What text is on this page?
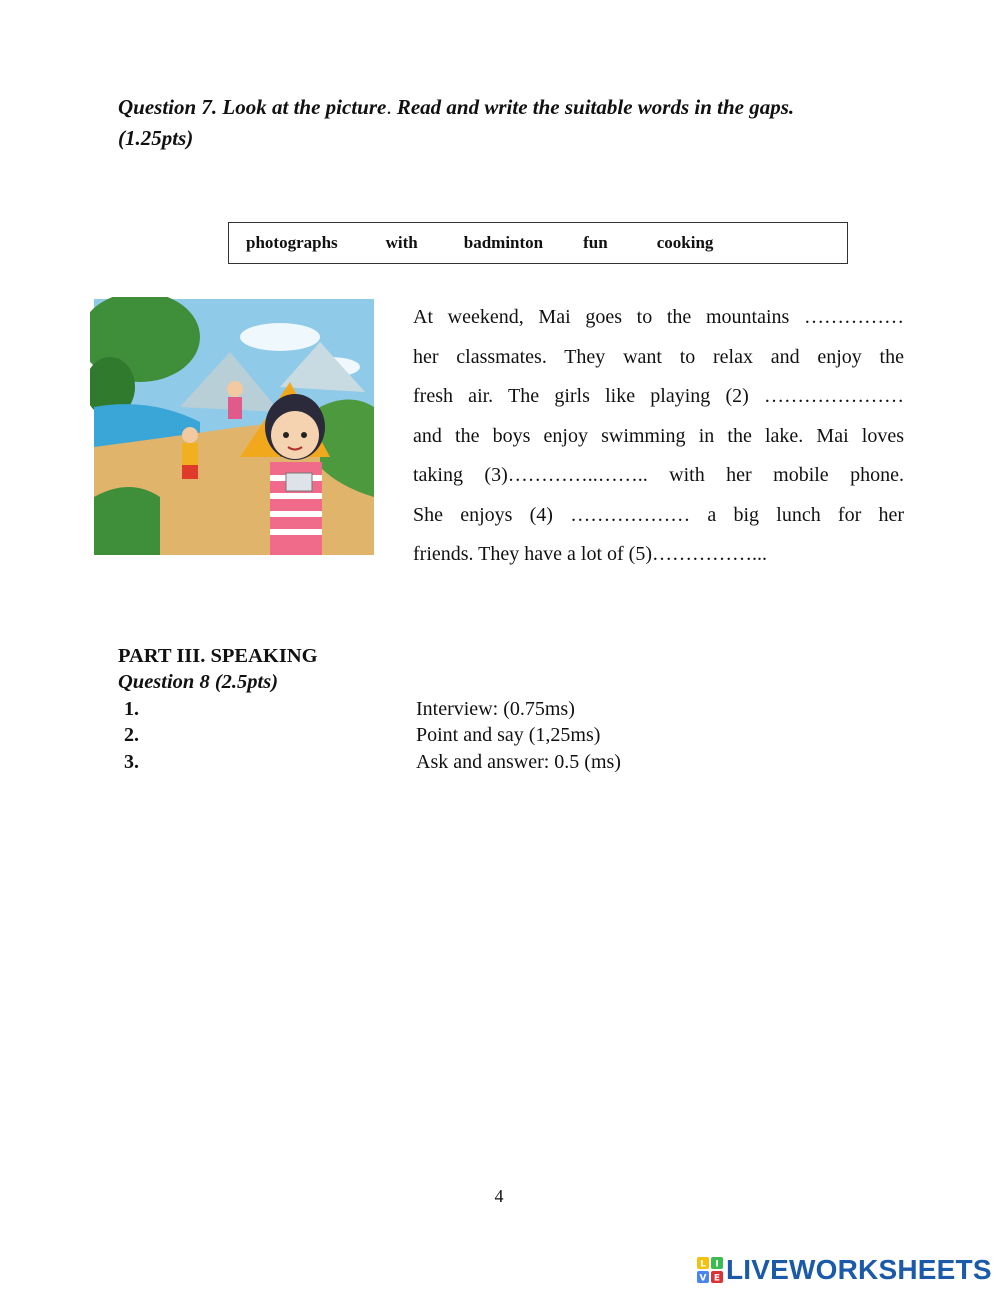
Question 7. Look at the picture. Read and write the suitable words in the gaps.
(1.25pts)
photographs	with	badminton fun	cooking

At weekend, Mai goes to the mountains ……………

her classmates. They want to relax and enjoy the

fresh air. The girls like playing (2) …………………

and the boys enjoy swimming in the lake. Mai loves

taking (3)…………..…….. with her mobile phone.

She enjoys (4) ……………… a big lunch for her

friends. They have a lot of (5)……………...

PART III. SPEAKING
Question 8 (2.5pts)
1.	Interview: (0.75ms)
2.	Point and say (1,25ms)
3.	Ask and answer: 0.5 (ms)
4
L I
V E LIVEWORKSHEETS
